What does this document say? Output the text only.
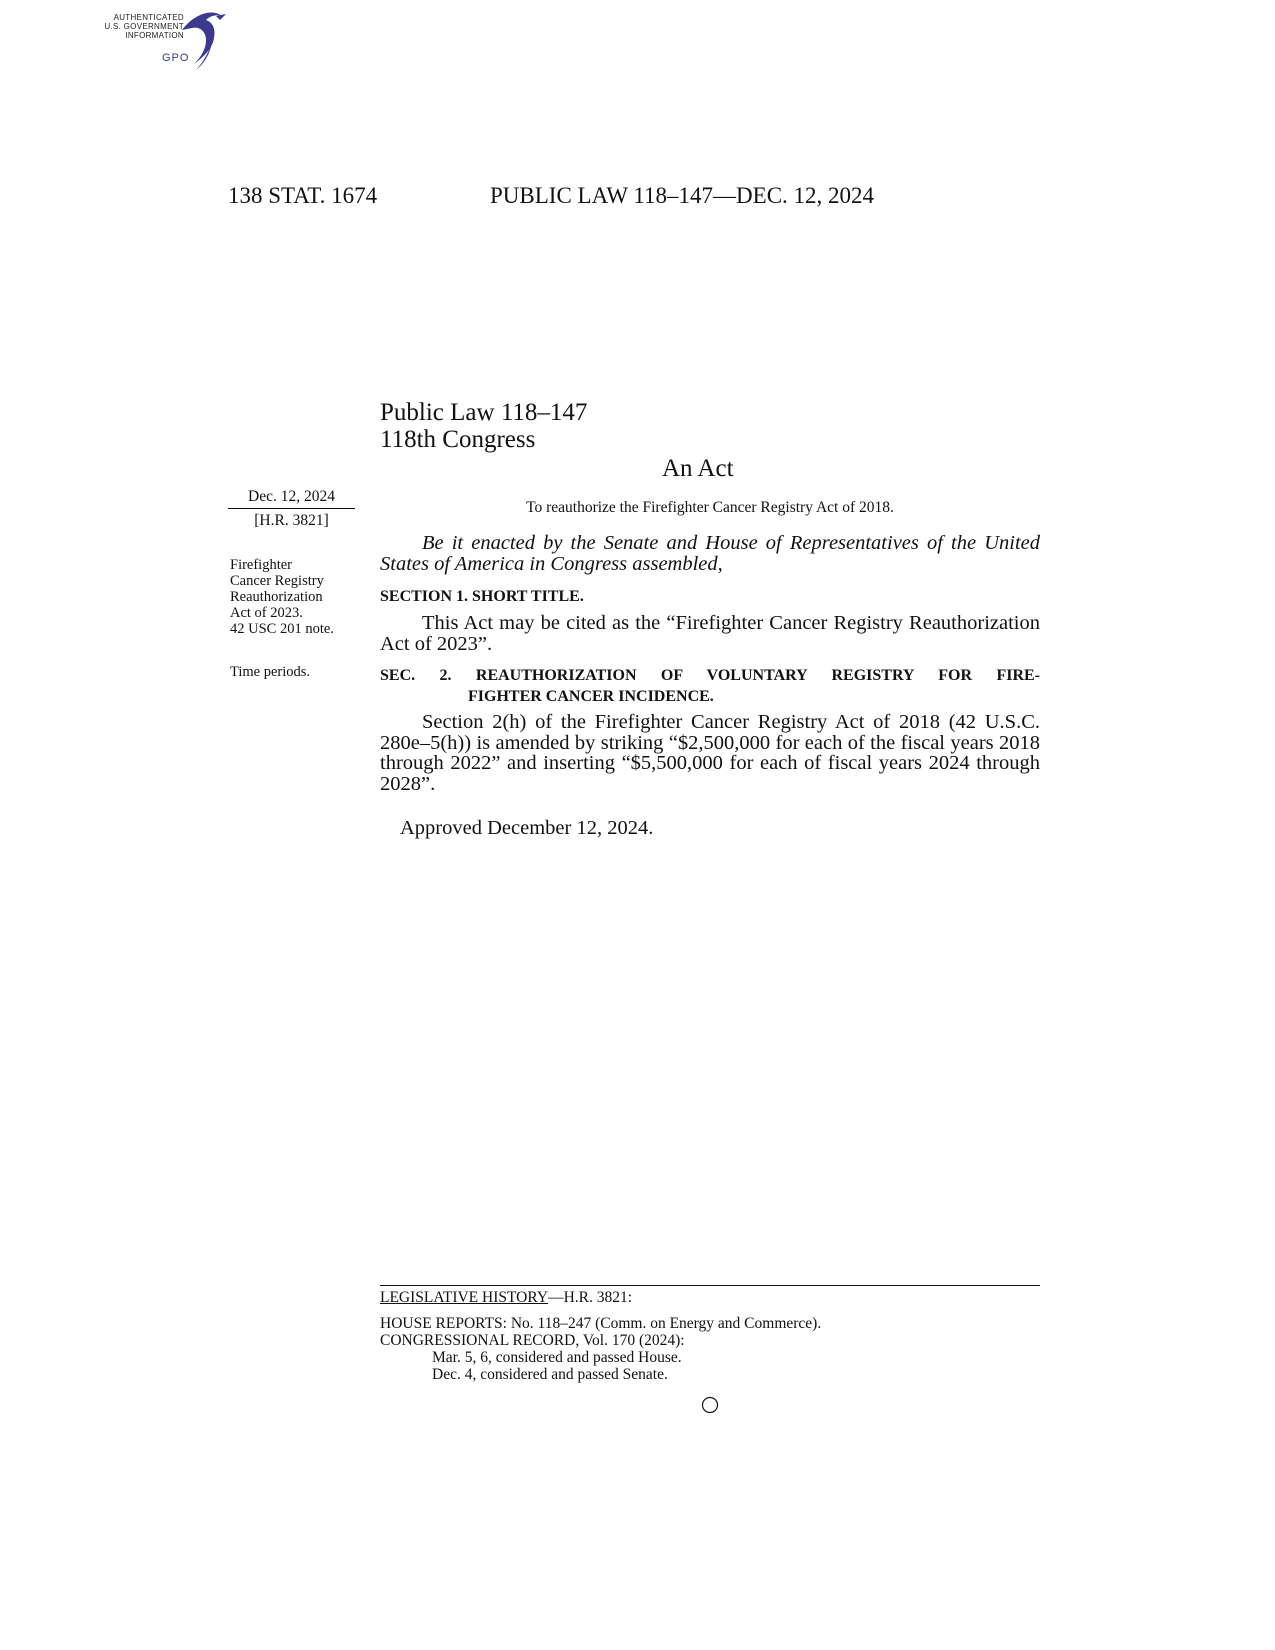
AUTHENTICATED
U.S. GOVERNMENT
INFORMATION
GPO
138 STAT. 1674	PUBLIC LAW 118–147—DEC. 12, 2024
Public Law 118–147
118th Congress
An Act
Dec. 12, 2024
[H.R. 3821]
Firefighter
Cancer Registry
Reauthorization
Act of 2023.
42 USC 201 note.
Time periods.
To reauthorize the Firefighter Cancer Registry Act of 2018.
Be it enacted by the Senate and House of Representatives of the United States of America in Congress assembled,
SECTION 1. SHORT TITLE.
This Act may be cited as the “Firefighter Cancer Registry Reauthorization Act of 2023”.
SEC. 2. REAUTHORIZATION OF VOLUNTARY REGISTRY FOR FIRE-
FIGHTER CANCER INCIDENCE.
Section 2(h) of the Firefighter Cancer Registry Act of 2018 (42 U.S.C. 280e–5(h)) is amended by striking “$2,500,000 for each of the fiscal years 2018 through 2022” and inserting “$5,500,000 for each of fiscal years 2024 through 2028”.
Approved December 12, 2024.
LEGISLATIVE HISTORY—H.R. 3821:
HOUSE REPORTS: No. 118–247 (Comm. on Energy and Commerce).
CONGRESSIONAL RECORD, Vol. 170 (2024):
Mar. 5, 6, considered and passed House.
Dec. 4, considered and passed Senate.
